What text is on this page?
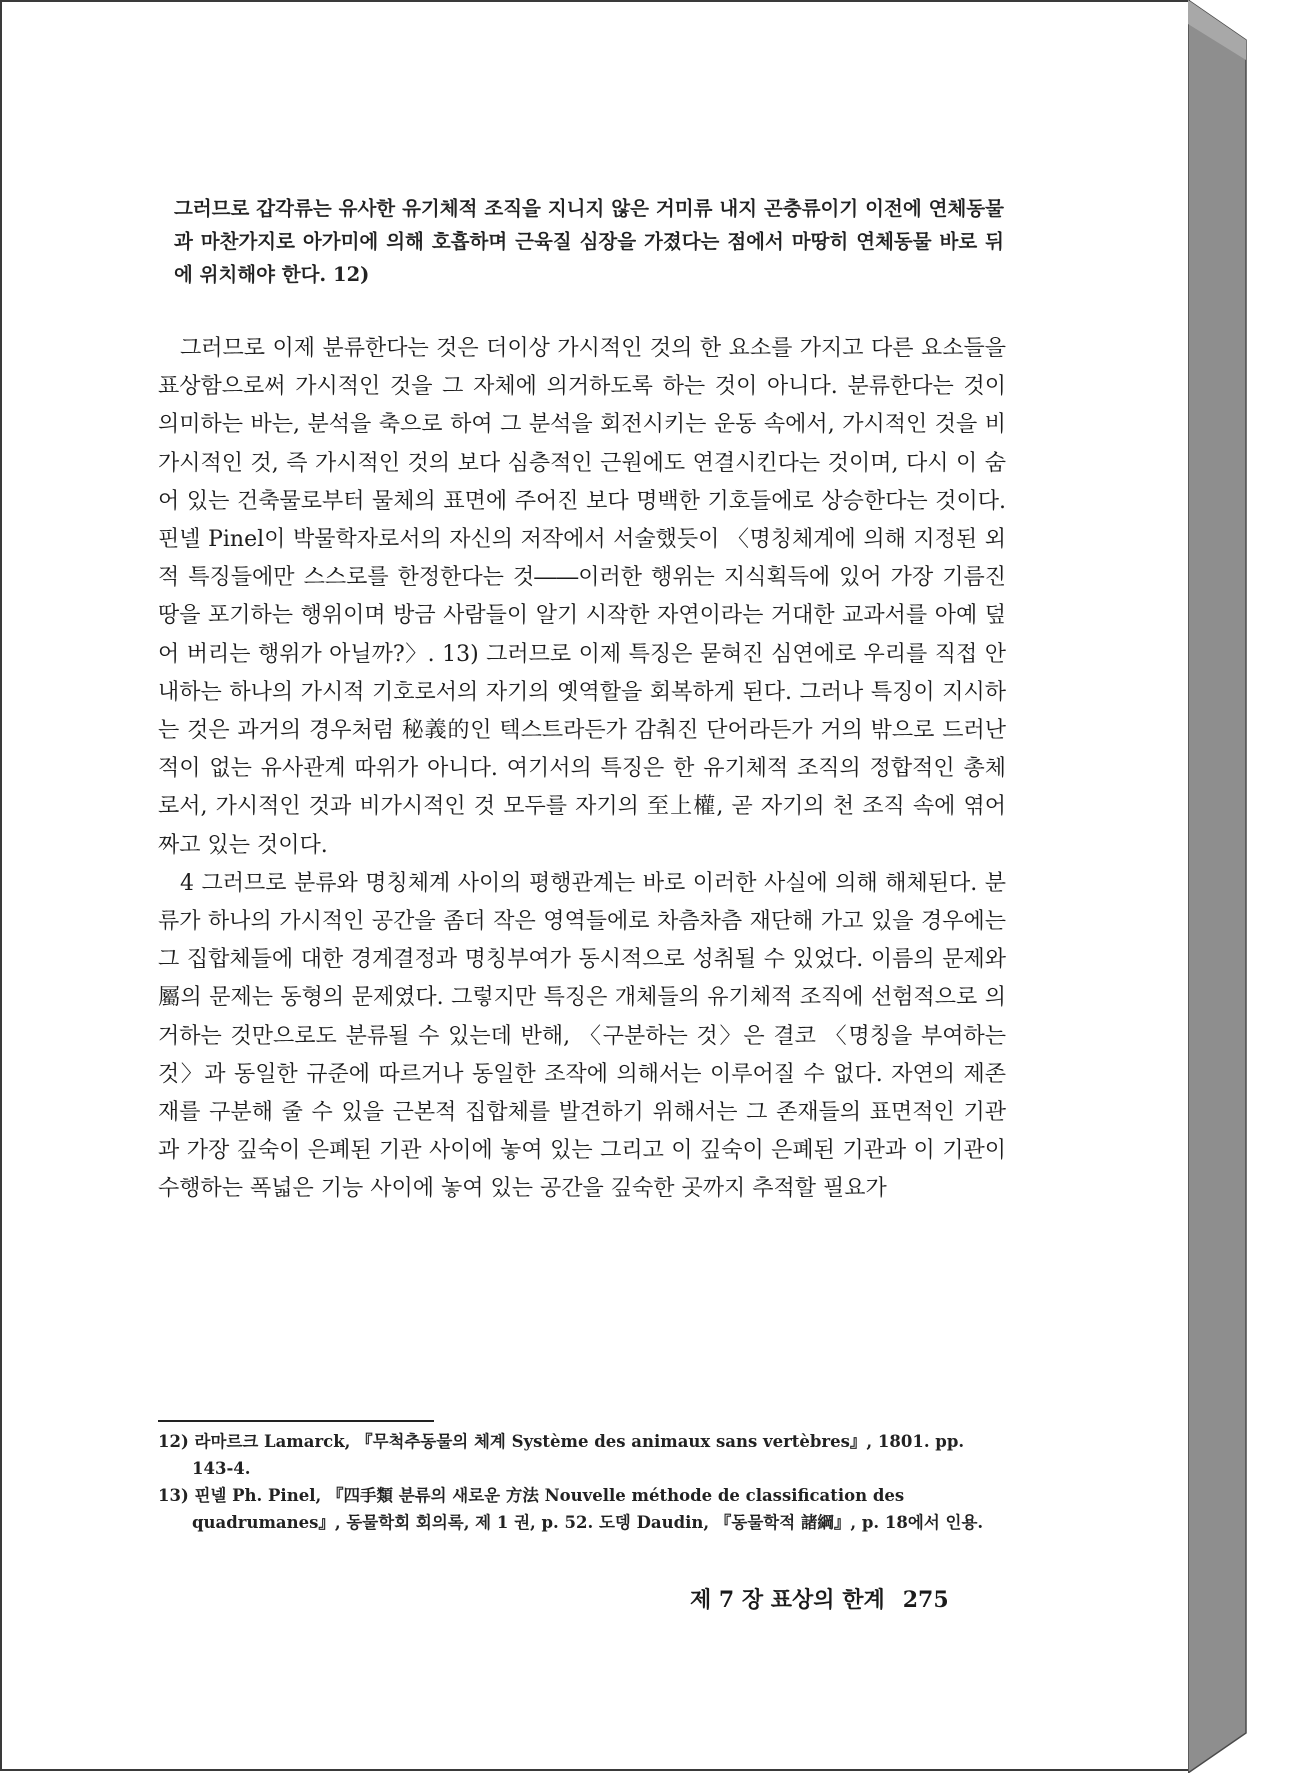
그러므로 갑각류는 유사한 유기체적 조직을 지니지 않은 거미류 내지 곤충류이기 이전에 연체동물과 마찬가지로 아가미에 의해 호흡하며 근육질 심장을 가졌다는 점에서 마땅히 연체동물 바로 뒤에 위치해야 한다. 12)

그러므로 이제 분류한다는 것은 더이상 가시적인 것의 한 요소를 가지고 다른 요소들을 표상함으로써 가시적인 것을 그 자체에 의거하도록 하는 것이 아니다. 분류한다는 것이 의미하는 바는, 분석을 축으로 하여 그 분석을 회전시키는 운동 속에서, 가시적인 것을 비가시적인 것, 즉 가시적인 것의 보다 심층적인 근원에도 연결시킨다는 것이며, 다시 이 숨어 있는 건축물로부터 물체의 표면에 주어진 보다 명백한 기호들에로 상승한다는 것이다. 핀넬 Pinel이 박물학자로서의 자신의 저작에서 서술했듯이 〈명칭체계에 의해 지정된 외적 특징들에만 스스로를 한정한다는 것――이러한 행위는 지식획득에 있어 가장 기름진 땅을 포기하는 행위이며 방금 사람들이 알기 시작한 자연이라는 거대한 교과서를 아예 덮어 버리는 행위가 아닐까?〉. 13) 그러므로 이제 특징은 묻혀진 심연에로 우리를 직접 안내하는 하나의 가시적 기호로서의 자기의 옛역할을 회복하게 된다. 그러나 특징이 지시하는 것은 과거의 경우처럼 秘義的인 텍스트라든가 감춰진 단어라든가 거의 밖으로 드러난 적이 없는 유사관계 따위가 아니다. 여기서의 특징은 한 유기체적 조직의 정합적인 총체로서, 가시적인 것과 비가시적인 것 모두를 자기의 至上權, 곧 자기의 천 조직 속에 엮어 짜고 있는 것이다.

4 그러므로 분류와 명칭체계 사이의 평행관계는 바로 이러한 사실에 의해 해체된다. 분류가 하나의 가시적인 공간을 좀더 작은 영역들에로 차츰차츰 재단해 가고 있을 경우에는 그 집합체들에 대한 경계결정과 명칭부여가 동시적으로 성취될 수 있었다. 이름의 문제와 屬의 문제는 동형의 문제였다. 그렇지만 특징은 개체들의 유기체적 조직에 선험적으로 의거하는 것만으로도 분류될 수 있는데 반해, 〈구분하는 것〉은 결코 〈명칭을 부여하는 것〉과 동일한 규준에 따르거나 동일한 조작에 의해서는 이루어질 수 없다. 자연의 제존재를 구분해 줄 수 있을 근본적 집합체를 발견하기 위해서는 그 존재들의 표면적인 기관과 가장 깊숙이 은폐된 기관 사이에 놓여 있는 그리고 이 깊숙이 은폐된 기관과 이 기관이 수행하는 폭넓은 기능 사이에 놓여 있는 공간을 깊숙한 곳까지 추적할 필요가

12) 라마르크 Lamarck, 『무척추동물의 체계 Système des animaux sans vertèbres』, 1801. pp. 143-4.

13) 핀넬 Ph. Pinel, 『四手類 분류의 새로운 方法 Nouvelle méthode de classification des quadrumanes』, 동물학회 회의록, 제 1 권, p. 52. 도뎅 Daudin, 『동물학적 諸綱』, p. 18에서 인용.

제 7 장 표상의 한계 275
